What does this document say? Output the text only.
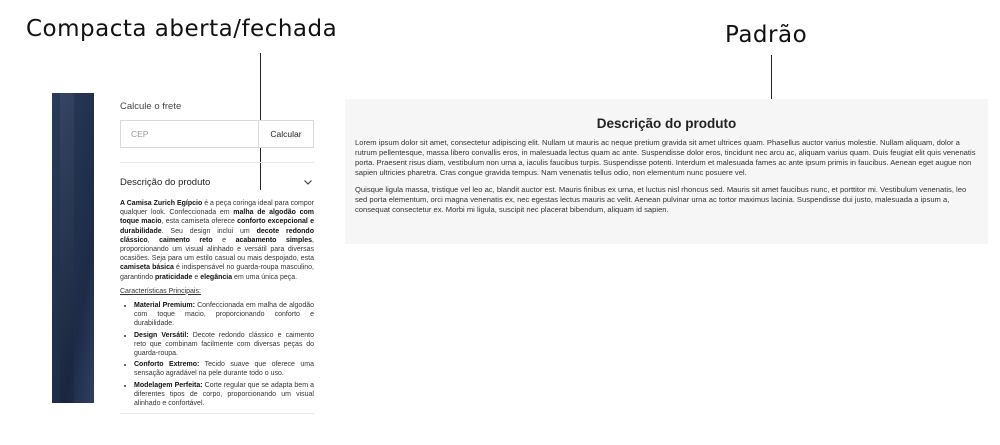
Compacta aberta/fechada	Padrão
Calcule o frete
CEP
Calcular
Descrição do produto

A Camisa Zurich Egípcio é a peça coringa ideal para compor qualquer look. Confeccionada em malha de algodão com toque macio, esta camiseta oferece conforto excepcional e durabilidade. Seu design inclui um decote redondo clássico, caimento reto e acabamento simples, proporcionando um visual alinhado e versátil para diversas ocasiões. Seja para um estilo casual ou mais despojado, esta camiseta básica é indispensável no guarda-roupa masculino, garantindo praticidade e elegância em uma única peça.

Características Principais:
• Material Premium: Confeccionada em malha de algodão com toque macio, proporcionando conforto e durabilidade.
• Design Versátil: Decote redondo clássico e caimento reto que combinam facilmente com diversas peças do guarda-roupa.
• Conforto Extremo: Tecido suave que oferece uma sensação agradável na pele durante todo o uso.
• Modelagem Perfeita: Corte regular que se adapta bem a diferentes tipos de corpo, proporcionando um visual alinhado e confortável.
Descrição do produto

Lorem ipsum dolor sit amet, consectetur adipiscing elit. Nullam ut mauris ac neque pretium gravida sit amet ultrices quam. Phasellus auctor varius molestie. Nullam aliquam, dolor a rutrum pellentesque, massa libero convallis eros, in malesuada lectus quam ac ante. Suspendisse dolor eros, tincidunt nec arcu ac, aliquam varius quam. Duis feugiat elit quis venenatis porta. Praesent risus diam, vestibulum non urna a, iaculis faucibus turpis. Suspendisse potenti. Interdum et malesuada fames ac ante ipsum primis in faucibus. Aenean eget augue non sapien ultricies pharetra. Cras congue gravida tempus. Nam venenatis tellus odio, non elementum nunc posuere vel.

Quisque ligula massa, tristique vel leo ac, blandit auctor est. Mauris finibus ex urna, et luctus nisl rhoncus sed. Mauris sit amet faucibus nunc, et porttitor mi. Vestibulum venenatis, leo sed porta elementum, orci magna venenatis ex, nec egestas lectus mauris ac velit. Aenean pulvinar urna ac tortor maximus lacinia. Suspendisse dui justo, malesuada a ipsum a, consequat consectetur ex. Morbi mi ligula, suscipit nec placerat bibendum, aliquam id sapien.
